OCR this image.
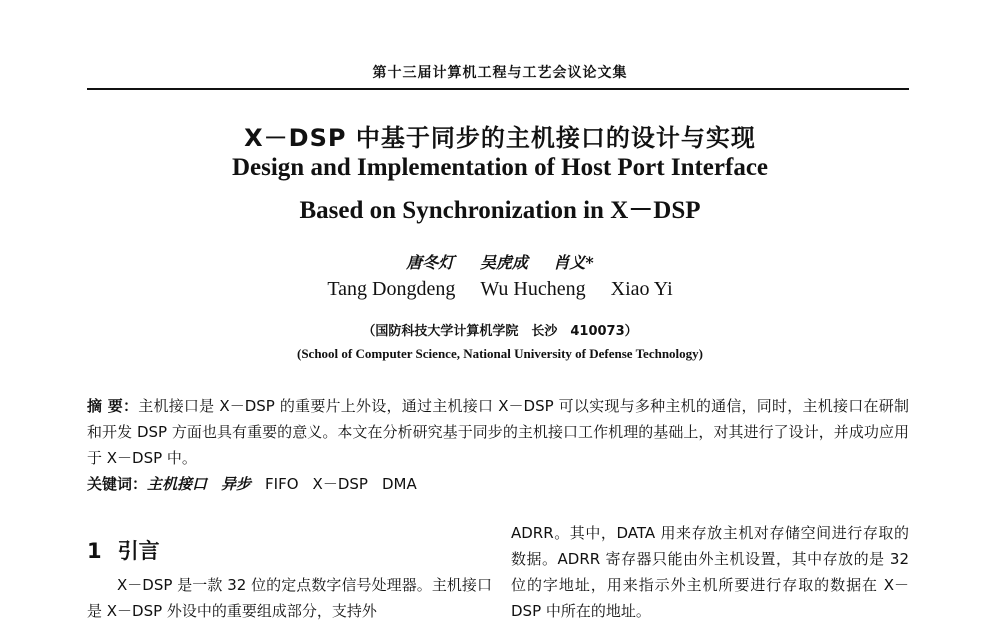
第十三届计算机工程与工艺会议论文集
X－DSP 中基于同步的主机接口的设计与实现
Design and Implementation of Host Port Interface
Based on Synchronization in X－DSP
唐冬灯 吴虎成 肖义*
Tang Dongdeng Wu Hucheng Xiao Yi
（国防科技大学计算机学院　长沙　410073）
(School of Computer Science, National University of Defense Technology)
摘 要：主机接口是 X－DSP 的重要片上外设，通过主机接口 X－DSP 可以实现与多种主机的通信，同时，主机接口在研制和开发 DSP 方面也具有重要的意义。本文在分析研究基于同步的主机接口工作机理的基础上，对其进行了设计，并成功应用于 X－DSP 中。
关键词：主机接口 异步 FIFO X－DSP DMA
1 引言
X－DSP 是一款 32 位的定点数字信号处理器。主机接口是 X－DSP 外设中的重要组成部分，支持外
ADRR。其中，DATA 用来存放主机对存储空间进行存取的数据。ADRR 寄存器只能由外主机设置，其中存放的是 32 位的字地址，用来指示外主机所要进行存取的数据在 X－DSP 中所在的地址。
